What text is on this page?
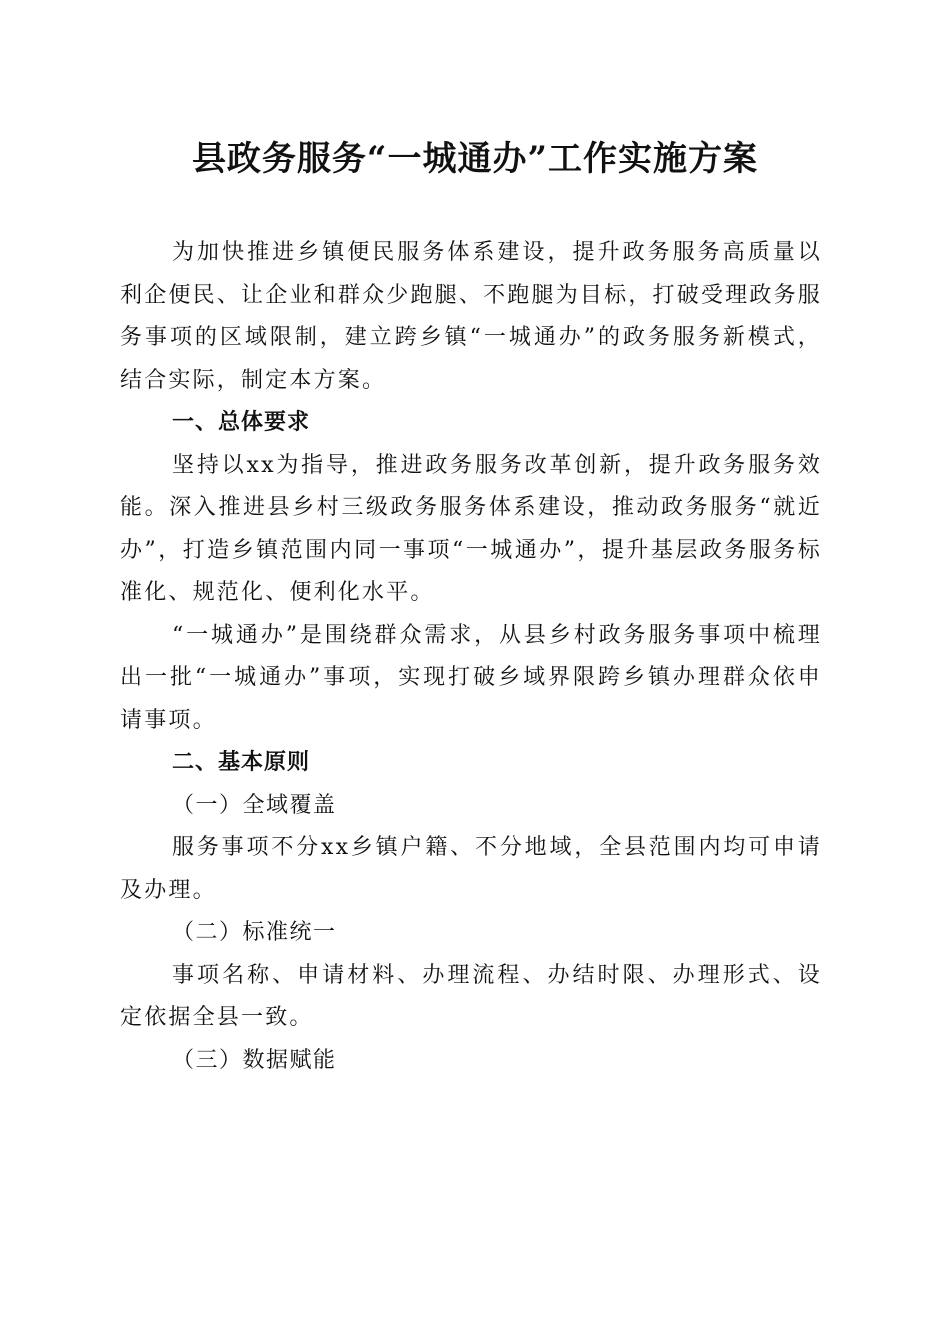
县政务服务“一城通办”工作实施方案

为加快推进乡镇便民服务体系建设，提升政务服务高质量以利企便民、让企业和群众少跑腿、不跑腿为目标，打破受理政务服务事项的区域限制，建立跨乡镇“一城通办”的政务服务新模式，结合实际，制定本方案。

一、总体要求

坚持以xx为指导，推进政务服务改革创新，提升政务服务效能。深入推进县乡村三级政务服务体系建设，推动政务服务“就近办”，打造乡镇范围内同一事项“一城通办”，提升基层政务服务标准化、规范化、便利化水平。

“一城通办”是围绕群众需求，从县乡村政务服务事项中梳理出一批“一城通办”事项，实现打破乡域界限跨乡镇办理群众依申请事项。

二、基本原则

（一）全域覆盖

服务事项不分xx乡镇户籍、不分地域，全县范围内均可申请及办理。

（二）标准统一

事项名称、申请材料、办理流程、办结时限、办理形式、设定依据全县一致。

（三）数据赋能
